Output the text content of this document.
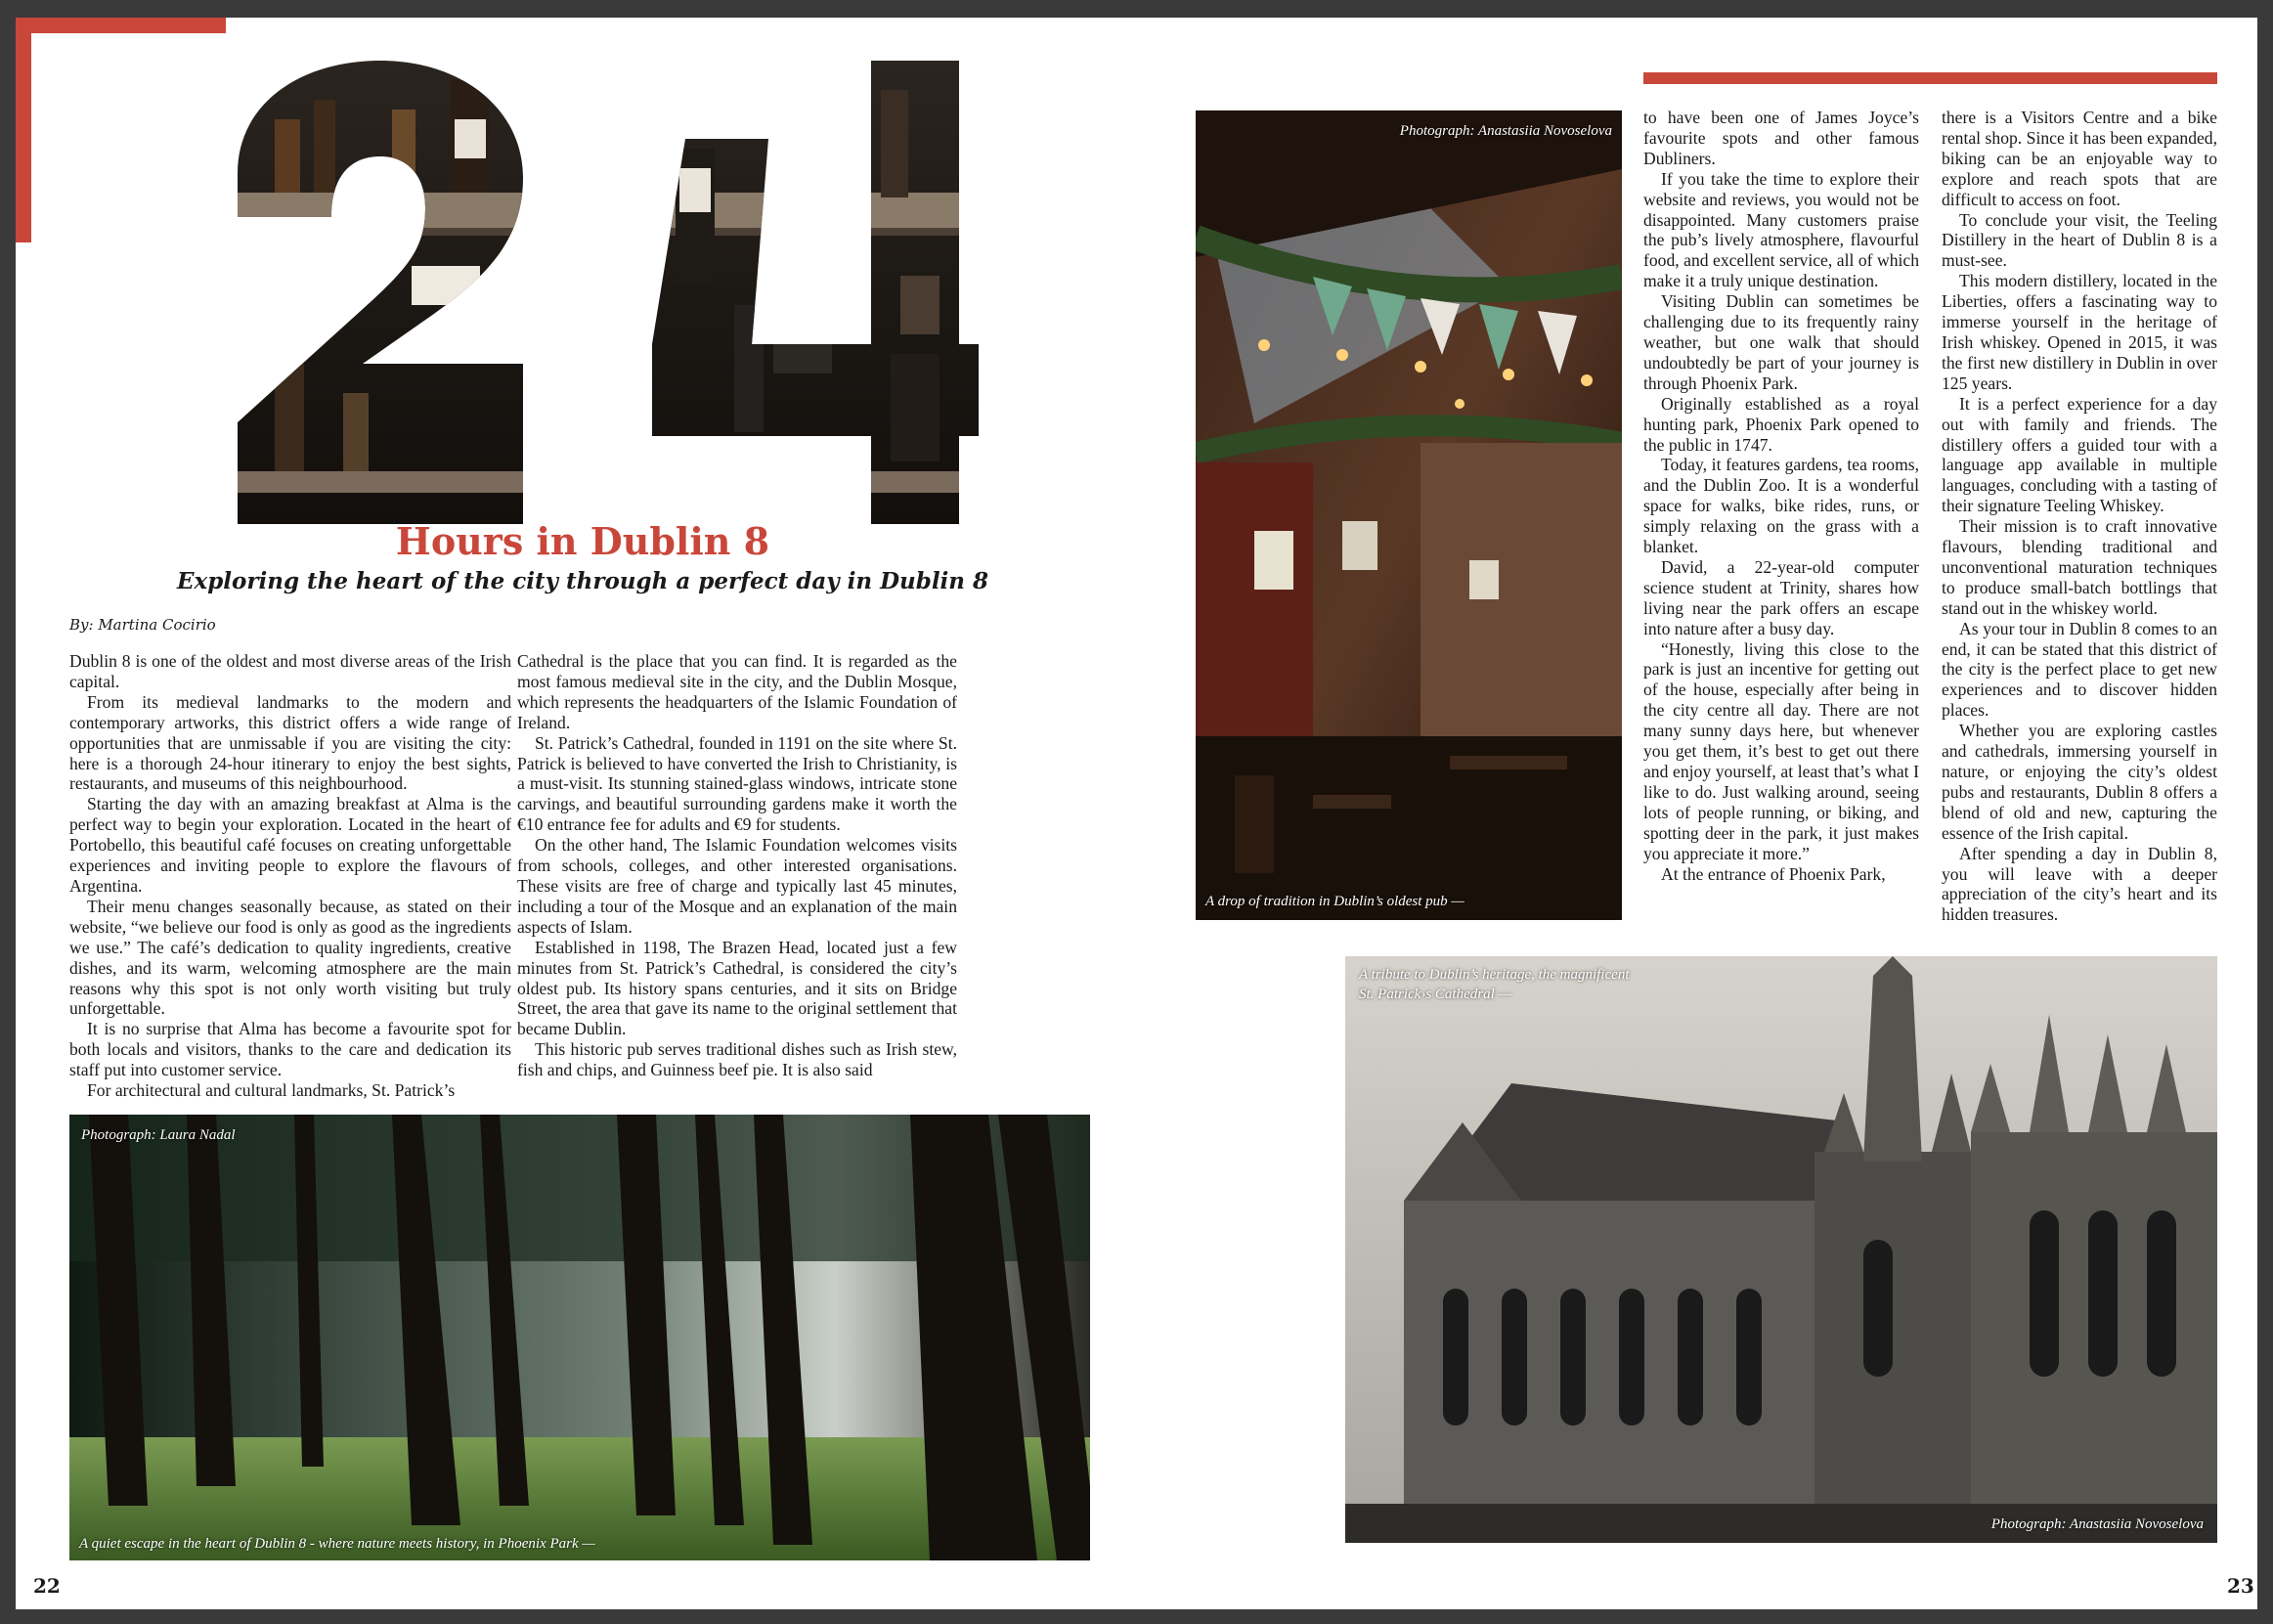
Hours in Dublin 8
Exploring the heart of the city through a perfect day in Dublin 8
By: Martina Cocirio

Dublin 8 is one of the oldest and most diverse areas of the Irish capital.

From its medieval landmarks to the modern and contemporary artworks, this district offers a wide range of opportunities that are unmissable if you are visiting the city: here is a thorough 24-hour itinerary to enjoy the best sights, restaurants, and museums of this neighbourhood.

Starting the day with an amazing breakfast at Alma is the perfect way to begin your exploration. Located in the heart of Portobello, this beautiful café focuses on creating unforgettable experiences and inviting people to explore the flavours of Argentina.

Their menu changes seasonally because, as stated on their website, “we believe our food is only as good as the ingredients we use.” The café’s dedication to quality ingredients, creative dishes, and its warm, welcoming atmosphere are the main reasons why this spot is not only worth visiting but truly unforgettable.

It is no surprise that Alma has become a favourite spot for both locals and visitors, thanks to the care and dedication its staff put into customer service.

For architectural and cultural landmarks, St. Patrick’s

Cathedral is the place that you can find. It is regarded as the most famous medieval site in the city, and the Dublin Mosque, which represents the headquarters of the Islamic Foundation of Ireland.

St. Patrick’s Cathedral, founded in 1191 on the site where St. Patrick is believed to have converted the Irish to Christianity, is a must-visit. Its stunning stained-glass windows, intricate stone carvings, and beautiful surrounding gardens make it worth the €10 entrance fee for adults and €9 for students.

On the other hand, The Islamic Foundation welcomes visits from schools, colleges, and other interested organisations. These visits are free of charge and typically last 45 minutes, including a tour of the Mosque and an explanation of the main aspects of Islam.

Established in 1198, The Brazen Head, located just a few minutes from St. Patrick’s Cathedral, is considered the city’s oldest pub. Its history spans centuries, and it sits on Bridge Street, the area that gave its name to the original settlement that became Dublin.

This historic pub serves traditional dishes such as Irish stew, fish and chips, and Guinness beef pie. It is also said

Photograph: Anastasiia Novoselova
A drop of tradition in Dublin’s oldest pub —

to have been one of James Joyce’s favourite spots and other famous Dubliners.

If you take the time to explore their website and reviews, you would not be disappointed. Many customers praise the pub’s lively atmosphere, flavourful food, and excellent service, all of which make it a truly unique destination.

Visiting Dublin can sometimes be challenging due to its frequently rainy weather, but one walk that should undoubtedly be part of your journey is through Phoenix Park.

Originally established as a royal hunting park, Phoenix Park opened to the public in 1747.

Today, it features gardens, tea rooms, and the Dublin Zoo. It is a wonderful space for walks, bike rides, runs, or simply relaxing on the grass with a blanket.

David, a 22-year-old computer science student at Trinity, shares how living near the park offers an escape into nature after a busy day.

“Honestly, living this close to the park is just an incentive for getting out of the house, especially after being in the city centre all day. There are not many sunny days here, but whenever you get them, it’s best to get out there and enjoy yourself, at least that’s what I like to do. Just walking around, seeing lots of people running, or biking, and spotting deer in the park, it just makes you appreciate it more.”

At the entrance of Phoenix Park,

there is a Visitors Centre and a bike rental shop. Since it has been expanded, biking can be an enjoyable way to explore and reach spots that are difficult to access on foot.

To conclude your visit, the Teeling Distillery in the heart of Dublin 8 is a must-see.

This modern distillery, located in the Liberties, offers a fascinating way to immerse yourself in the heritage of Irish whiskey. Opened in 2015, it was the first new distillery in Dublin in over 125 years.

It is a perfect experience for a day out with family and friends. The distillery offers a guided tour with a language app available in multiple languages, concluding with a tasting of their signature Teeling Whiskey.

Their mission is to craft innovative flavours, blending traditional and unconventional maturation techniques to produce small-batch bottlings that stand out in the whiskey world.

As your tour in Dublin 8 comes to an end, it can be stated that this district of the city is the perfect place to get new experiences and to discover hidden places.

Whether you are exploring castles and cathedrals, immersing yourself in nature, or enjoying the city’s oldest pubs and restaurants, Dublin 8 offers a blend of old and new, capturing the essence of the Irish capital.

After spending a day in Dublin 8, you will leave with a deeper appreciation of the city’s heart and its hidden treasures.

Photograph: Laura Nadal
A quiet escape in the heart of Dublin 8 - where nature meets history, in Phoenix Park —
A tribute to Dublin’s heritage, the magnificent
St. Patrick›s Cathedral —
Photograph: Anastasiia Novoselova
22	23
